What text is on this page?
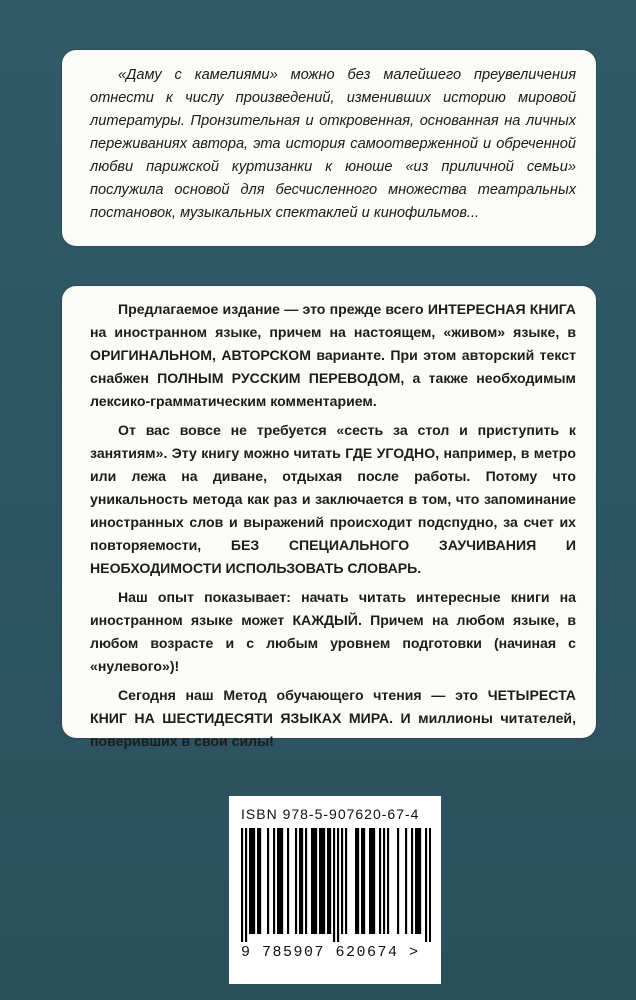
«Даму с камелиями» можно без малейшего преувеличения отнести к числу произведений, изменивших историю мировой литературы. Пронзительная и откровенная, основанная на личных переживаниях автора, эта история самоотверженной и обреченной любви парижской куртизанки к юноше «из приличной семьи» послужила основой для бесчисленного множества театральных постановок, музыкальных спектаклей и кинофильмов...

Предлагаемое издание — это прежде всего ИНТЕРЕСНАЯ КНИГА на иностранном языке, причем на настоящем, «живом» языке, в ОРИГИНАЛЬНОМ, АВТОРСКОМ варианте. При этом авторский текст снабжен ПОЛНЫМ РУССКИМ ПЕРЕВОДОМ, а также необходимым лексико-грамматическим комментарием.

От вас вовсе не требуется «сесть за стол и приступить к занятиям». Эту книгу можно читать ГДЕ УГОДНО, например, в метро или лежа на диване, отдыхая после работы. Потому что уникальность метода как раз и заключается в том, что запоминание иностранных слов и выражений происходит подспудно, за счет их повторяемости, БЕЗ СПЕЦИАЛЬНОГО ЗАУЧИВАНИЯ И НЕОБХОДИМОСТИ ИСПОЛЬЗОВАТЬ СЛОВАРЬ.

Наш опыт показывает: начать читать интересные книги на иностранном языке может КАЖДЫЙ. Причем на любом языке, в любом возрасте и с любым уровнем подготовки (начиная с «нулевого»)!

Сегодня наш Метод обучающего чтения — это ЧЕТЫРЕСТА КНИГ НА ШЕСТИДЕСЯТИ ЯЗЫКАХ МИРА. И миллионы читателей, поверивших в свои силы!

ISBN 978-5-907620-67-4
9 785907 620674 >
